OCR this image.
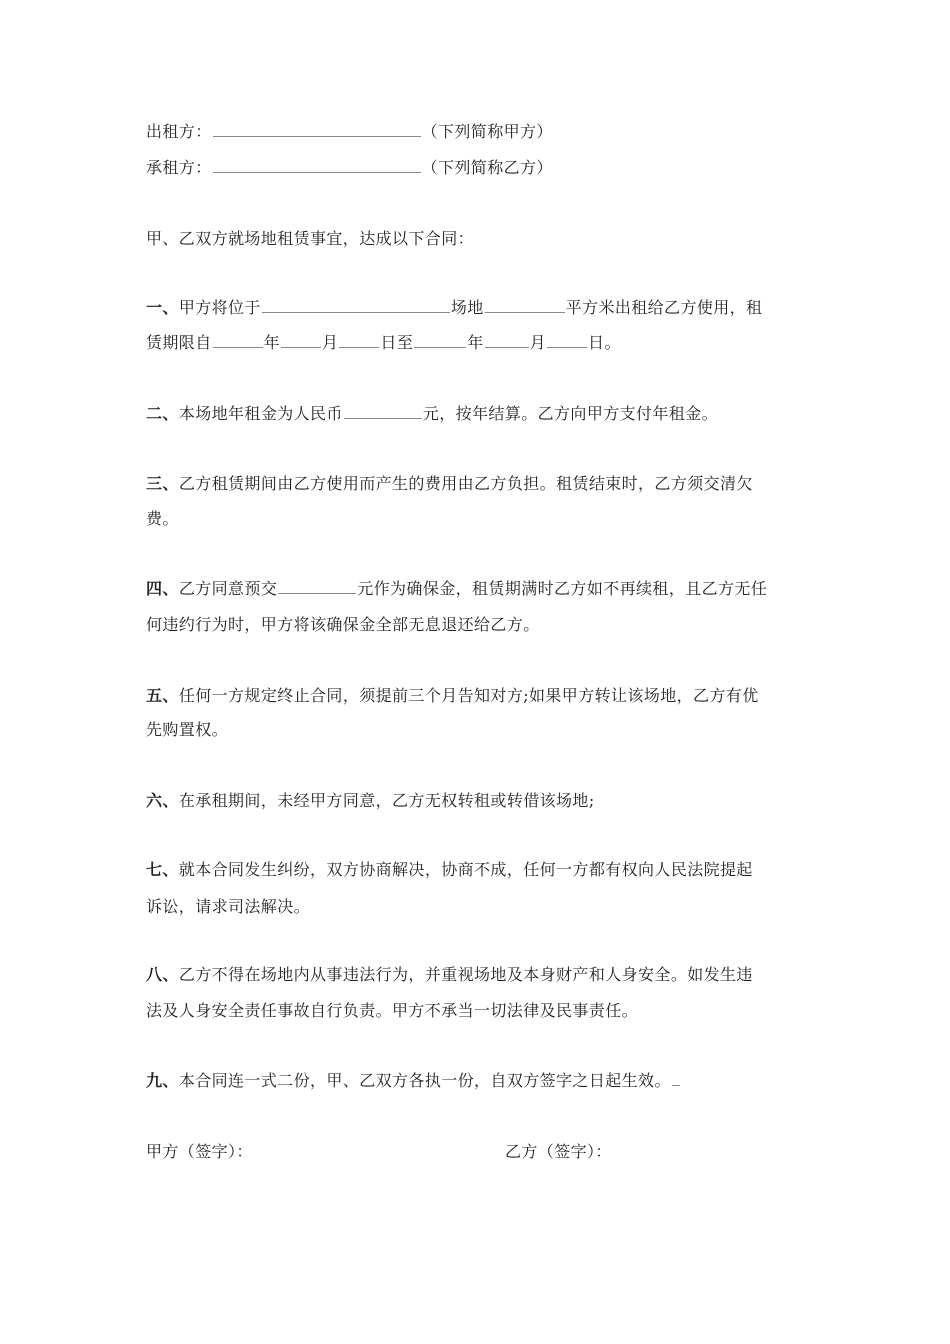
出租方：	（下列简称甲方）
承租方：	（下列简称乙方）
甲、乙双方就场地租赁事宜，达成以下合同：
一、甲方将位于	场地	平方米出租给乙方使用，租
赁期限自	年	月	日至	年	月	日。
二、本场地年租金为人民币	元，按年结算。乙方向甲方支付年租金。
三、乙方租赁期间由乙方使用而产生的费用由乙方负担。租赁结束时，乙方须交清欠
费。
四、乙方同意预交	元作为确保金，租赁期满时乙方如不再续租，且乙方无任
何违约行为时，甲方将该确保金全部无息退还给乙方。
五、任何一方规定终止合同，须提前三个月告知对方;如果甲方转让该场地，乙方有优
先购置权。
六、在承租期间，未经甲方同意，乙方无权转租或转借该场地;
七、就本合同发生纠纷，双方协商解决，协商不成，任何一方都有权向人民法院提起
诉讼，请求司法解决。
八、乙方不得在场地内从事违法行为，并重视场地及本身财产和人身安全。如发生违
法及人身安全责任事故自行负责。甲方不承当一切法律及民事责任。
九、本合同连一式二份，甲、乙双方各执一份，自双方签字之日起生效。
甲方（签字）：	乙方（签字）：
